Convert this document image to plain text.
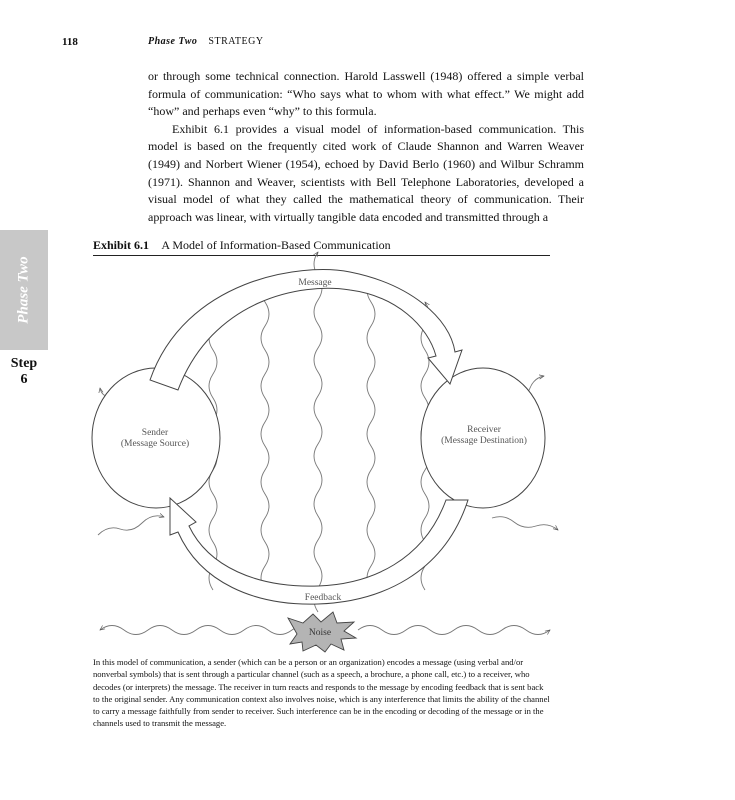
118	Phase Two STRATEGY

or through some technical connection. Harold Lasswell (1948) offered a simple verbal formula of communication: “Who says what to whom with what effect.” We might add “how” and perhaps even “why” to this formula.

Exhibit 6.1 provides a visual model of information-based communication. This model is based on the frequently cited work of Claude Shannon and Warren Weaver (1949) and Norbert Wiener (1954), echoed by David Berlo (1960) and Wilbur Schramm (1971). Shannon and Weaver, scientists with Bell Telephone Laboratories, developed a visual model of what they called the mathematical theory of communication. Their approach was linear, with virtually tangible data encoded and transmitted through a

Phase Two
Step
6
Exhibit 6.1 A Model of Information-Based Communication
Message
Feedback
Noise
Sender
(Message Source)
Receiver
(Message Destination)

In this model of communication, a sender (which can be a person or an organization) encodes a message (using verbal and/or nonverbal symbols) that is sent through a particular channel (such as a speech, a brochure, a phone call, etc.) to a receiver, who decodes (or interprets) the message. The receiver in turn reacts and responds to the message by encoding feedback that is sent back to the original sender. Any communication context also involves noise, which is any interference that limits the ability of the channel to carry a message faithfully from sender to receiver. Such interference can be in the encoding or decoding of the message or in the channels used to transmit the message.
